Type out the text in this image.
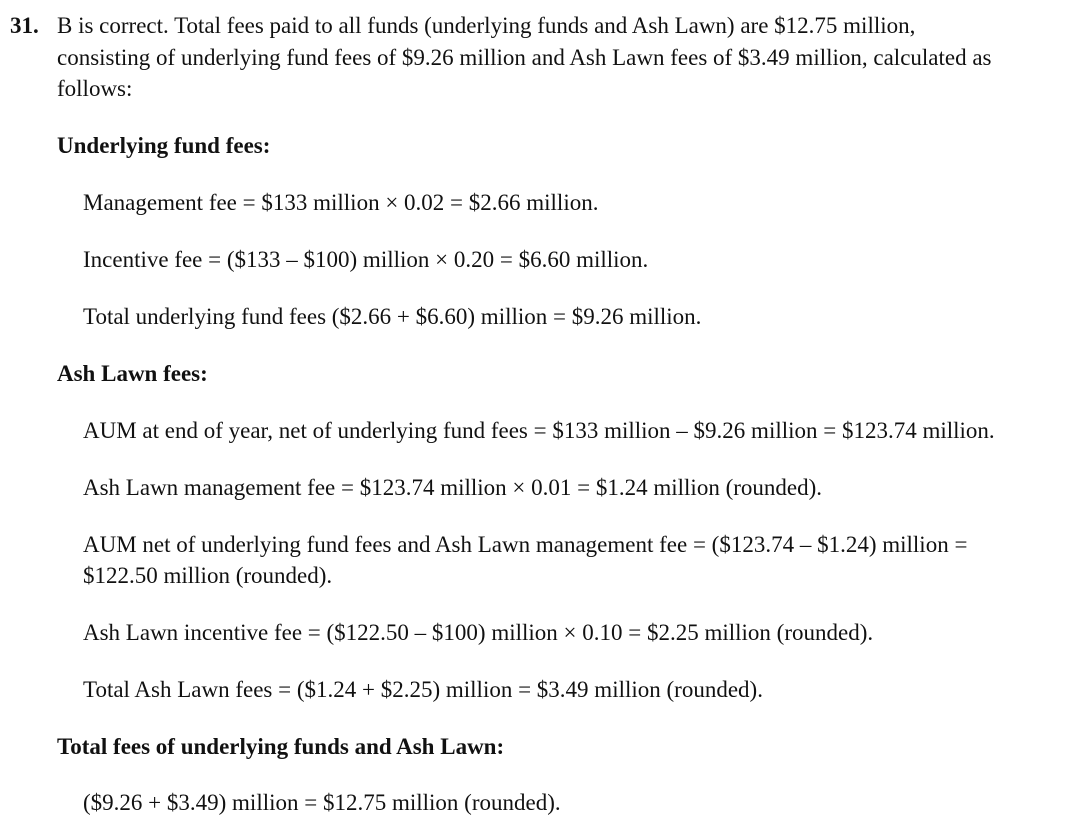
31. B is correct. Total fees paid to all funds (underlying funds and Ash Lawn) are $12.75 million,
consisting of underlying fund fees of $9.26 million and Ash Lawn fees of $3.49 million, calculated as
follows:
Underlying fund fees:
Management fee = $133 million × 0.02 = $2.66 million.
Incentive fee = ($133 – $100) million × 0.20 = $6.60 million.
Total underlying fund fees ($2.66 + $6.60) million = $9.26 million.
Ash Lawn fees:
AUM at end of year, net of underlying fund fees = $133 million – $9.26 million = $123.74 million.
Ash Lawn management fee = $123.74 million × 0.01 = $1.24 million (rounded).
AUM net of underlying fund fees and Ash Lawn management fee = ($123.74 – $1.24) million =
$122.50 million (rounded).
Ash Lawn incentive fee = ($122.50 – $100) million × 0.10 = $2.25 million (rounded).
Total Ash Lawn fees = ($1.24 + $2.25) million = $3.49 million (rounded).
Total fees of underlying funds and Ash Lawn:
($9.26 + $3.49) million = $12.75 million (rounded).
